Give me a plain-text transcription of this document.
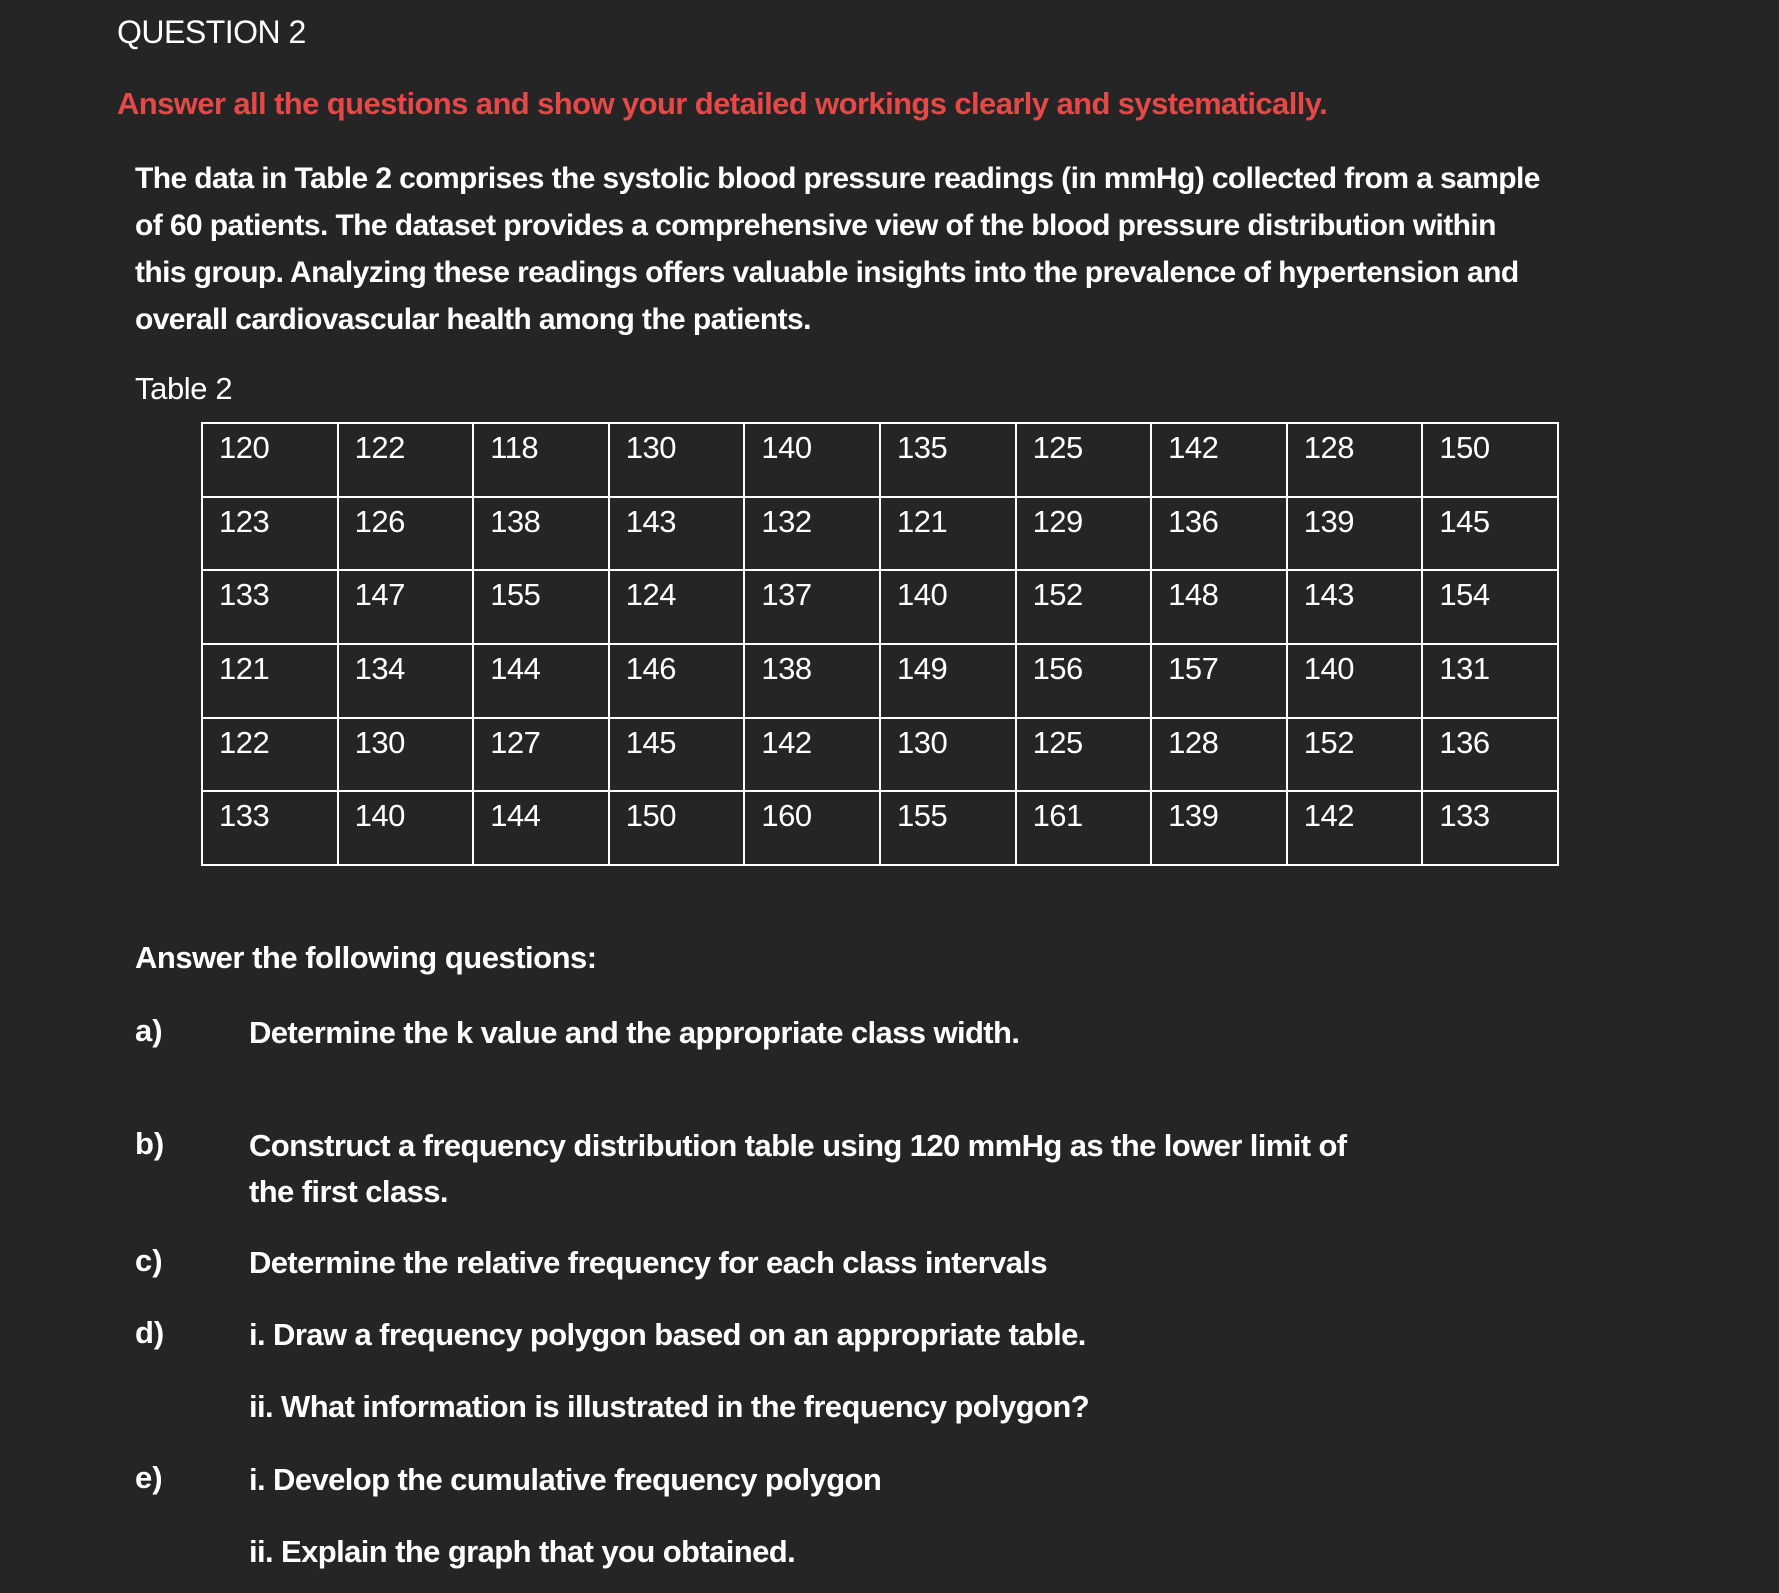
QUESTION 2
Answer all the questions and show your detailed workings clearly and systematically.
The data in Table 2 comprises the systolic blood pressure readings (in mmHg) collected from a sample
of 60 patients. The dataset provides a comprehensive view of the blood pressure distribution within
this group. Analyzing these readings offers valuable insights into the prevalence of hypertension and
overall cardiovascular health among the patients.
Table 2
120	122	118	130	140	135	125	142	128	150
123	126	138	143	132	121	129	136	139	145
133	147	155	124	137	140	152	148	143	154
121	134	144	146	138	149	156	157	140	131
122	130	127	145	142	130	125	128	152	136
133	140	144	150	160	155	161	139	142	133
Answer the following questions:
a)	Determine the k value and the appropriate class width.
b)	Construct a frequency distribution table using 120 mmHg as the lower limit of
the first class.
c)	Determine the relative frequency for each class intervals
d)	i. Draw a frequency polygon based on an appropriate table.
ii. What information is illustrated in the frequency polygon?
e)	i. Develop the cumulative frequency polygon
ii. Explain the graph that you obtained.
